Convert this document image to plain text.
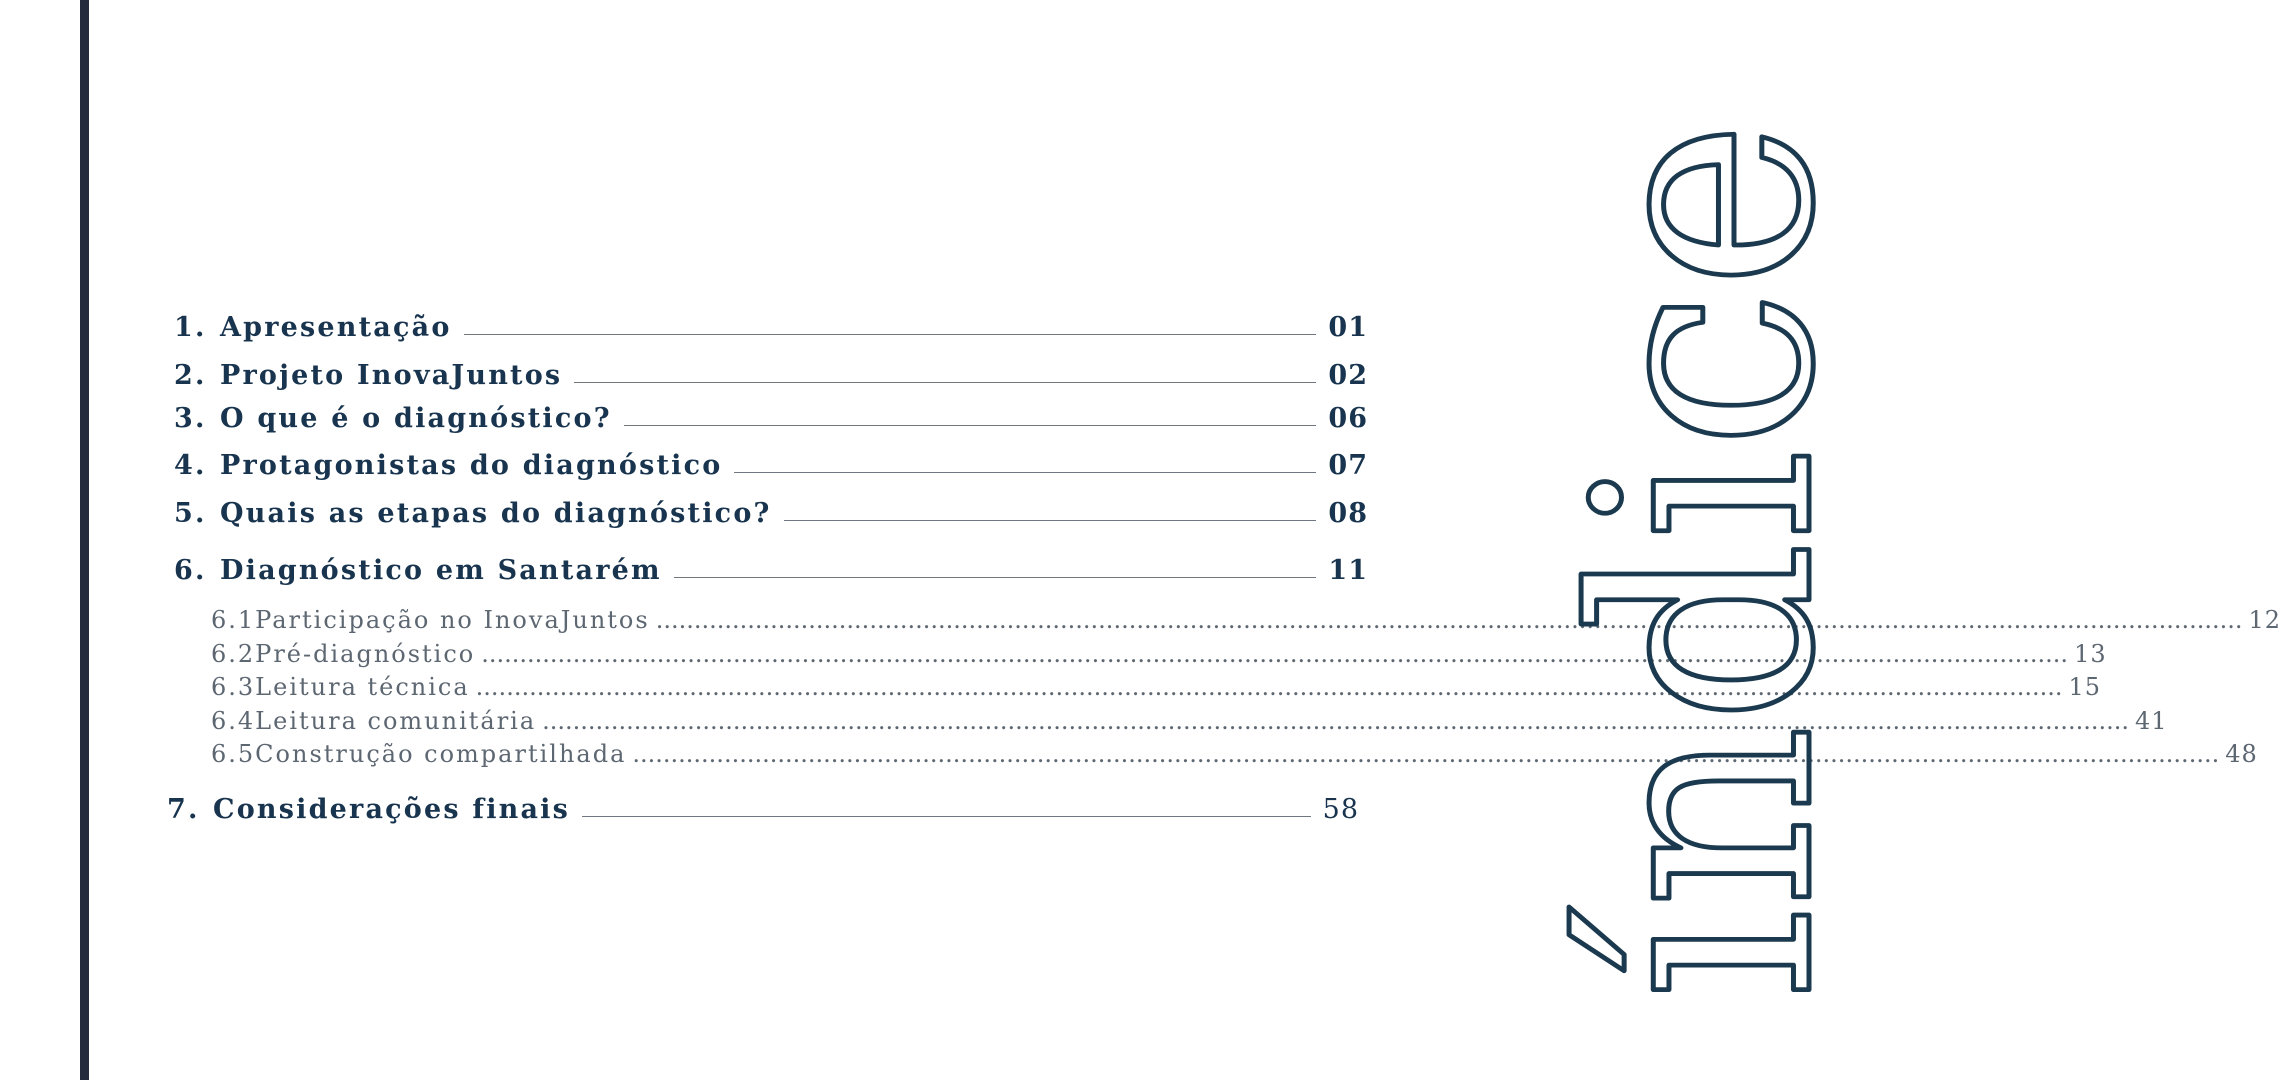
1. Apresentação	01
2. Projeto InovaJuntos	02
3. O que é o diagnóstico?	06
4. Protagonistas do diagnóstico	07
5. Quais as etapas do diagnóstico?	08
6. Diagnóstico em Santarém	11
6.1 Participação no InovaJuntos .....	12
6.2 Pré-diagnóstico .....	13
6.3 Leitura técnica .....	15
6.4 Leitura comunitária .....	41
6.5 Construção compartilhada .....	48
7. Considerações finais	58 índice
